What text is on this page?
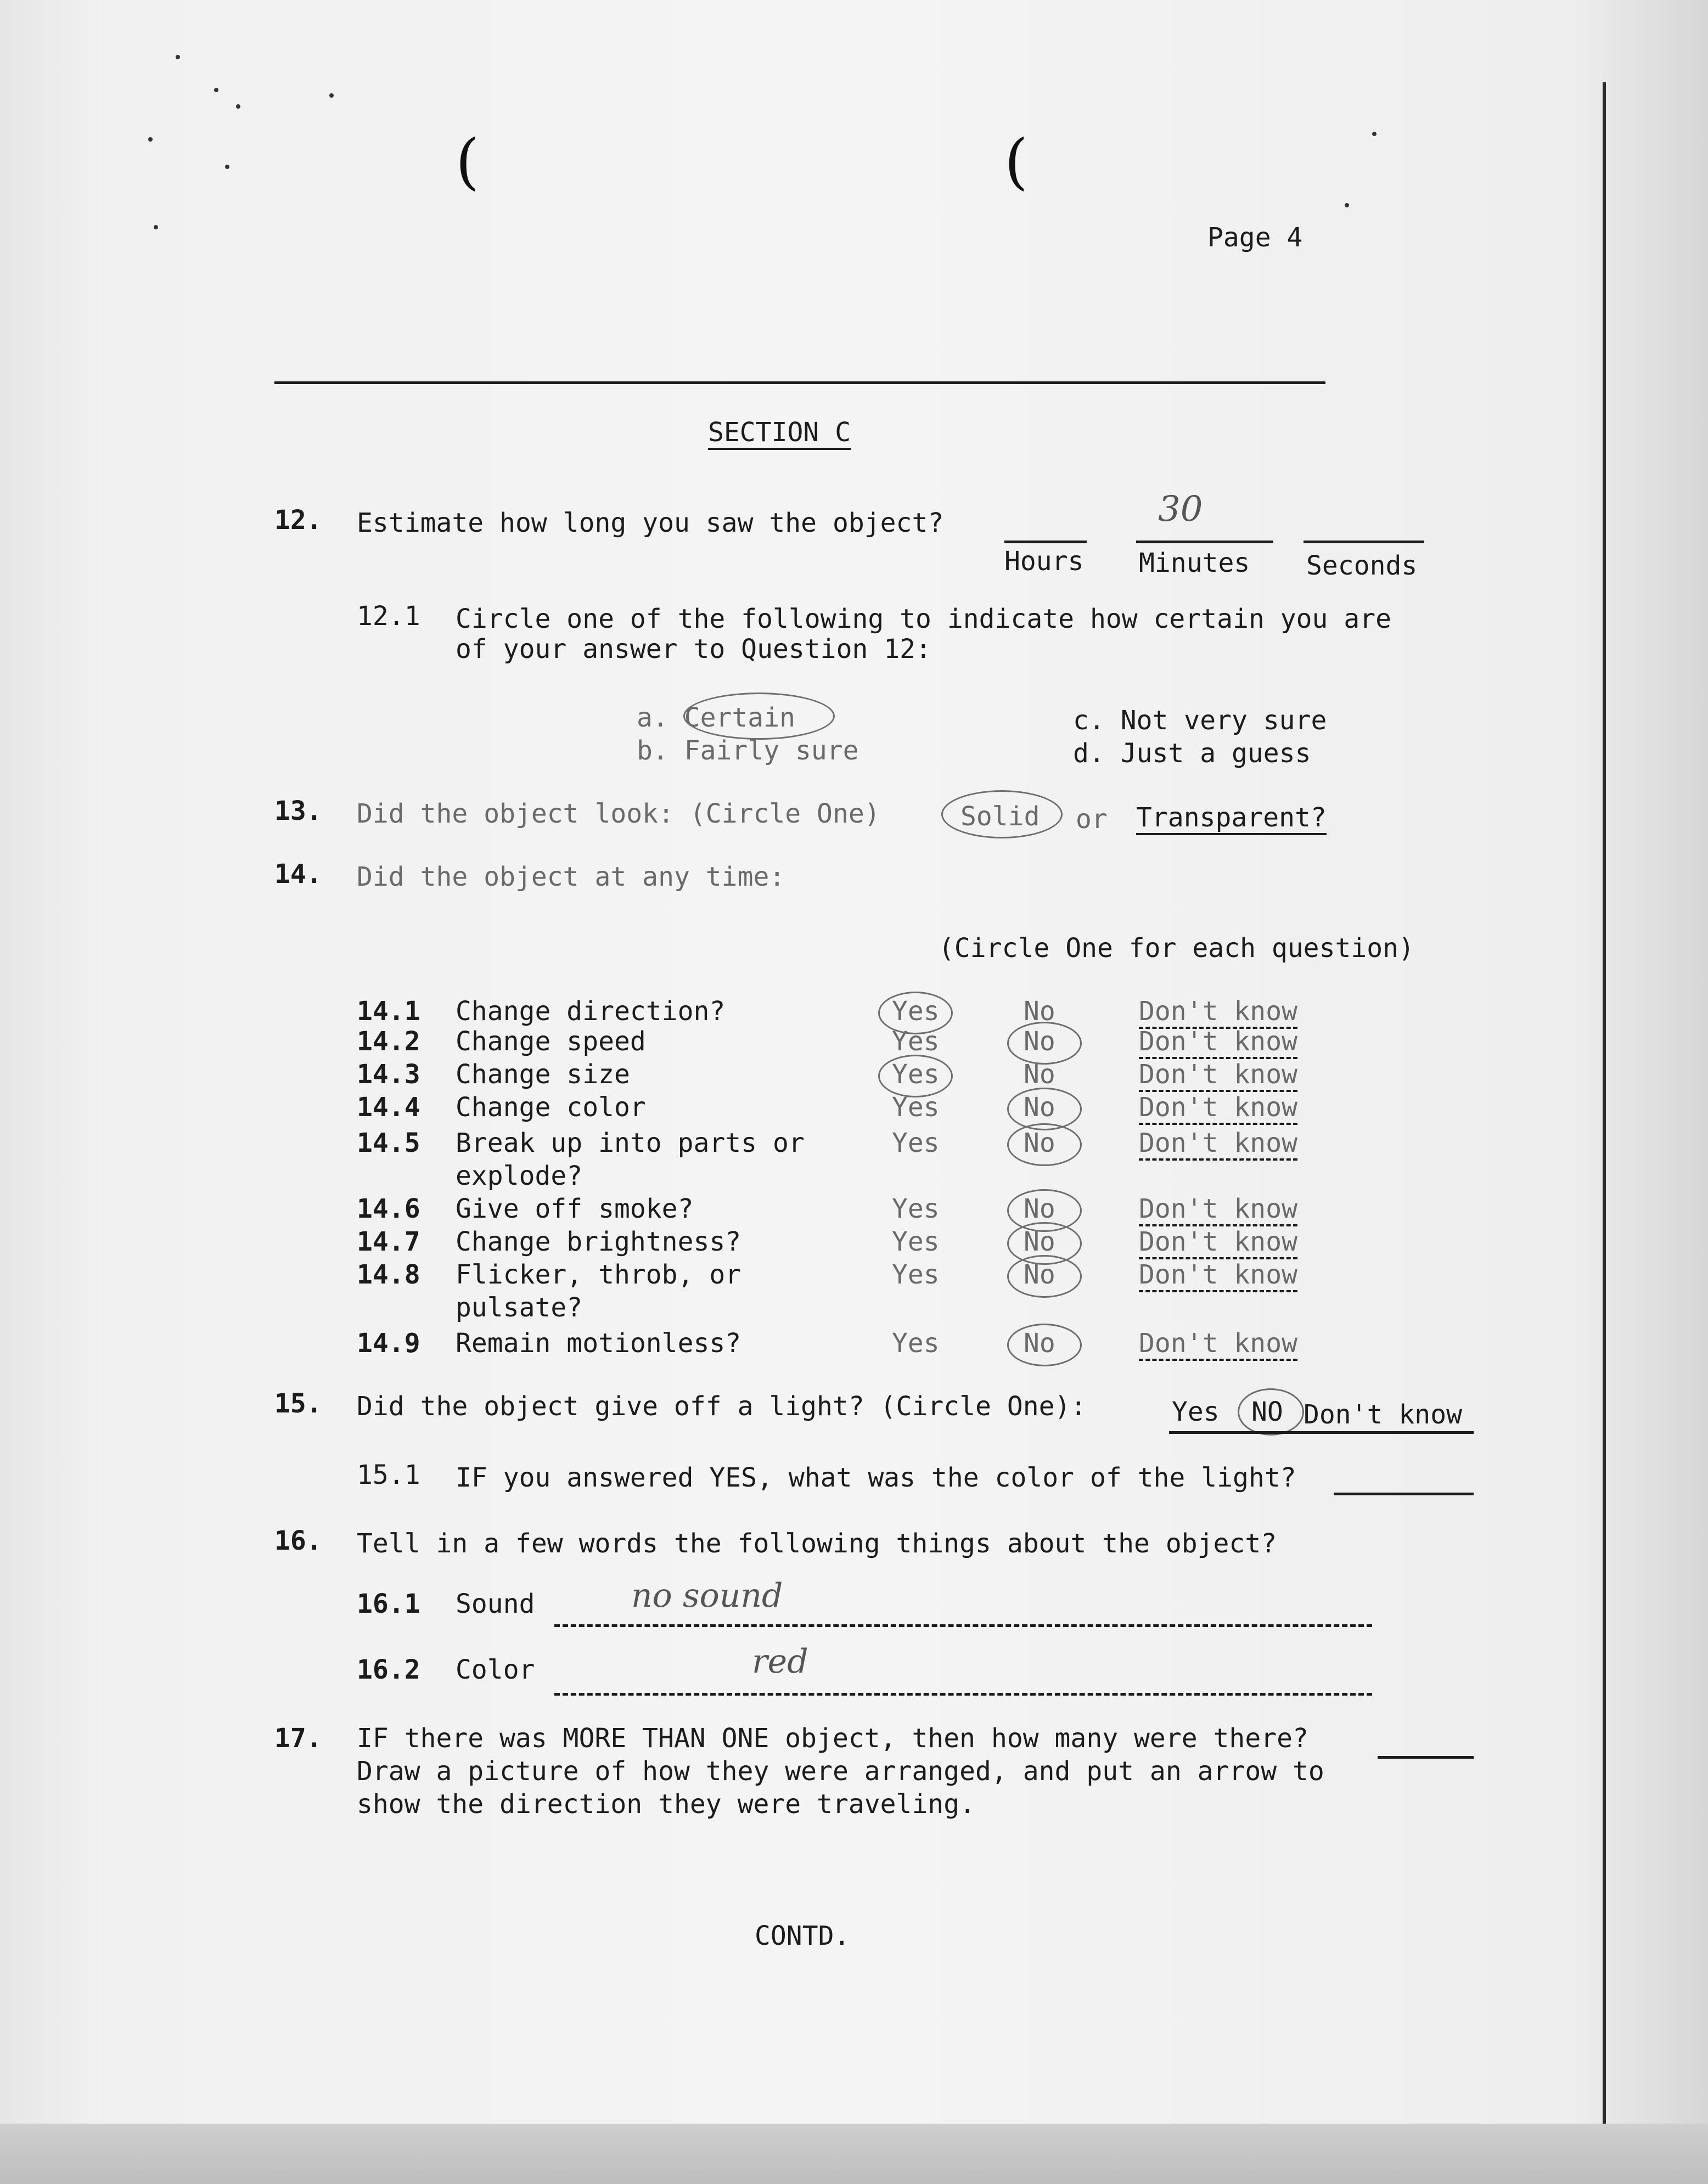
(	(
Page 4
SECTION C
12. Estimate how long you saw the object?	30
Hours Minutes Seconds
12.1 Circle one of the following to indicate how certain you are
of your answer to Question 12:
a. Certain
b. Fairly sure
c. Not very sure
d. Just a guess
13. Did the object look: (Circle One)	Solid or Transparent?
14. Did the object at any time:
(Circle One for each question)
14.1 Change direction?	Yes	No	Don't know
14.2 Change speed	Yes	No	Don't know
14.3 Change size	Yes	No	Don't know
14.4 Change color	Yes	No	Don't know
14.5 Break up into parts or
explode?
Yes	No	Don't know
14.6 Give off smoke?	Yes	No	Don't know
14.7 Change brightness?	Yes	No	Don't know
14.8 Flicker, throb, or
pulsate?
Yes	No	Don't know
14.9 Remain motionless?	Yes	No	Don't know
15. Did the object give off a light? (Circle One):	Yes NO Don't know
15.1 IF you answered YES, what was the color of the light?
16. Tell in a few words the following things about the object?
16.1 Sound	no sound
16.2 Color	red
17. IF there was MORE THAN ONE object, then how many were there?
Draw a picture of how they were arranged, and put an arrow to
show the direction they were traveling.
CONTD.
